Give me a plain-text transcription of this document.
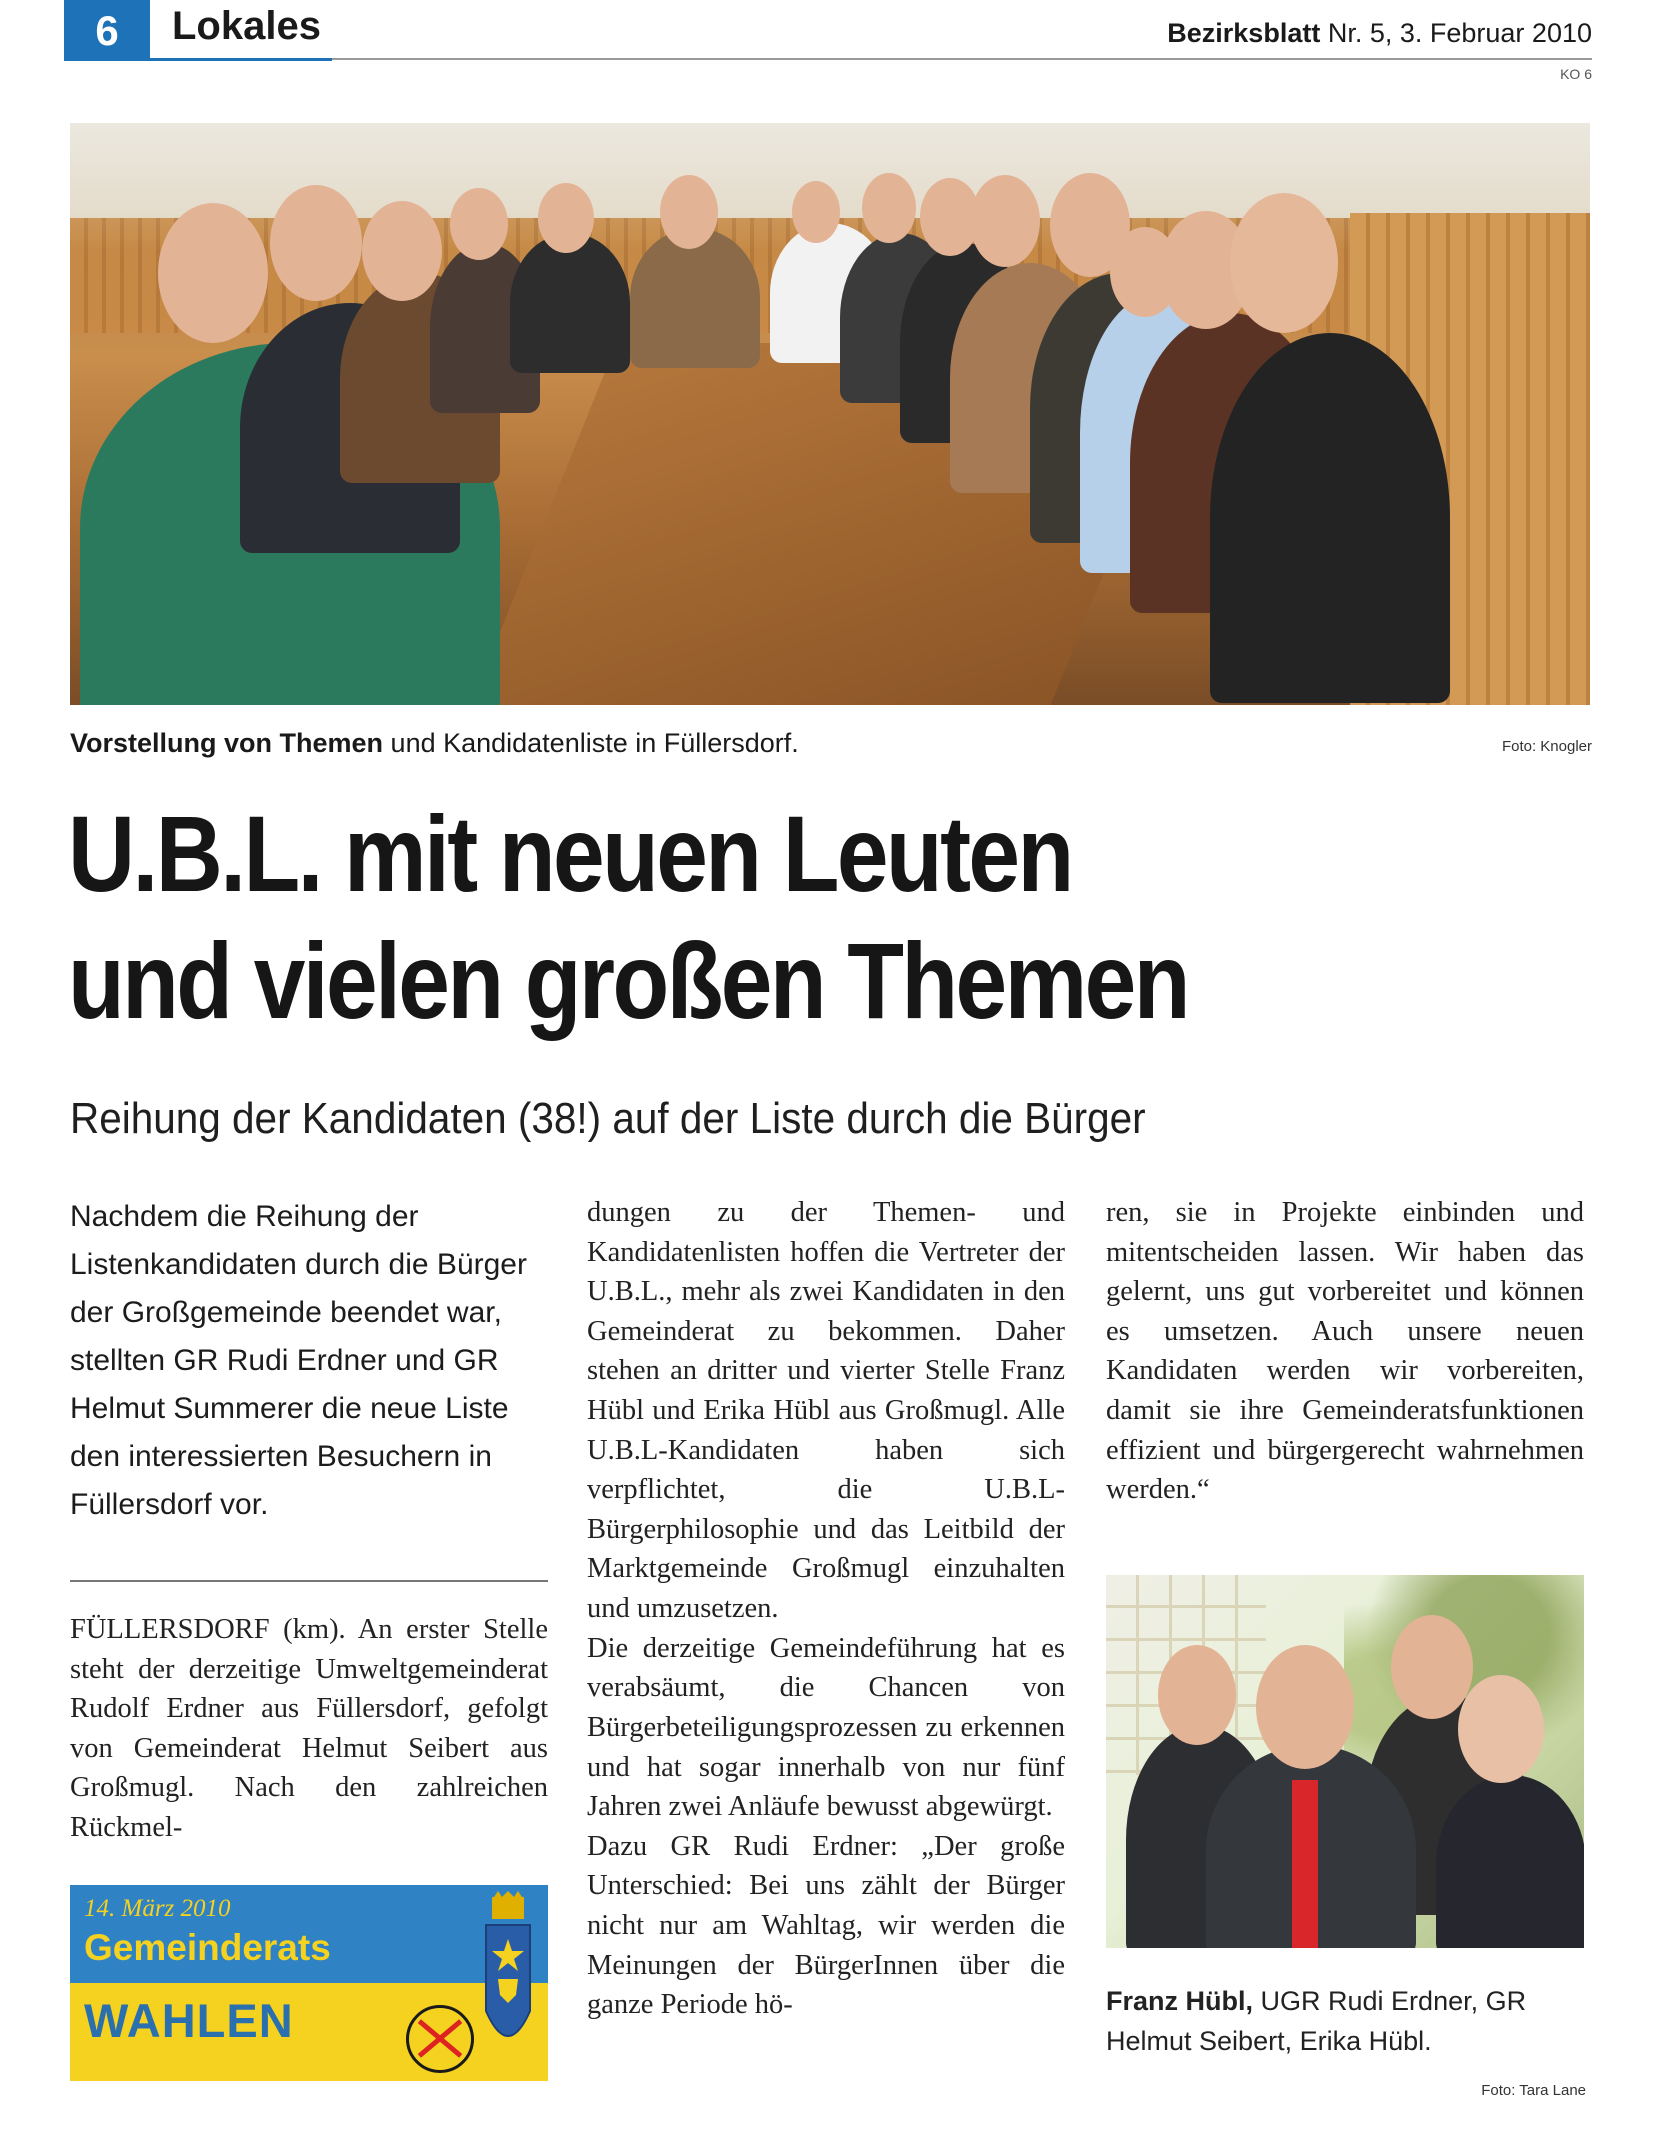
6	Lokales	Bezirksblatt Nr. 5, 3. Februar 2010
KO 6
Vorstellung von Themen und Kandidatenliste in Füllersdorf.	Foto: Knogler
U.B.L. mit neuen Leuten
und vielen großen Themen
Reihung der Kandidaten (38!) auf der Liste durch die Bürger
Nachdem die Reihung der Listenkandidaten durch die Bürger der Großgemeinde beendet war, stellten GR Rudi Erdner und GR Helmut Summerer die neue Liste den interessierten Besuchern in Füllersdorf vor.

FÜLLERSDORF (km). An erster Stelle steht der derzeitige Umweltgemeinderat Rudolf Erdner aus Füllersdorf, gefolgt von Gemeinderat Helmut Seibert aus Großmugl. Nach den zahlreichen Rückmel-

14. März 2010
Gemeinderats
WAHLEN

dungen zu der Themen- und Kandidatenlisten hoffen die Vertreter der U.B.L., mehr als zwei Kandidaten in den Gemeinderat zu bekommen. Daher stehen an dritter und vierter Stelle Franz Hübl und Erika Hübl aus Großmugl. Alle U.B.L-Kandidaten haben sich verpflichtet, die U.B.L-Bürgerphilosophie und das Leitbild der Marktgemeinde Großmugl einzuhalten und umzusetzen.

Die derzeitige Gemeindeführung hat es verabsäumt, die Chancen von Bürgerbeteiligungsprozessen zu erkennen und hat sogar innerhalb von nur fünf Jahren zwei Anläufe bewusst abgewürgt.

Dazu GR Rudi Erdner: „Der große Unterschied: Bei uns zählt der Bürger nicht nur am Wahltag, wir werden die Meinungen der BürgerInnen über die ganze Periode hö-

ren, sie in Projekte einbinden und mitentscheiden lassen. Wir haben das gelernt, uns gut vorbereitet und können es umsetzen. Auch unsere neuen Kandidaten werden wir vorbereiten, damit sie ihre Gemeinderatsfunktionen effizient und bürgergerecht wahrnehmen werden.“

Franz Hübl, UGR Rudi Erdner, GR Helmut Seibert, Erika Hübl.
Foto: Tara Lane
